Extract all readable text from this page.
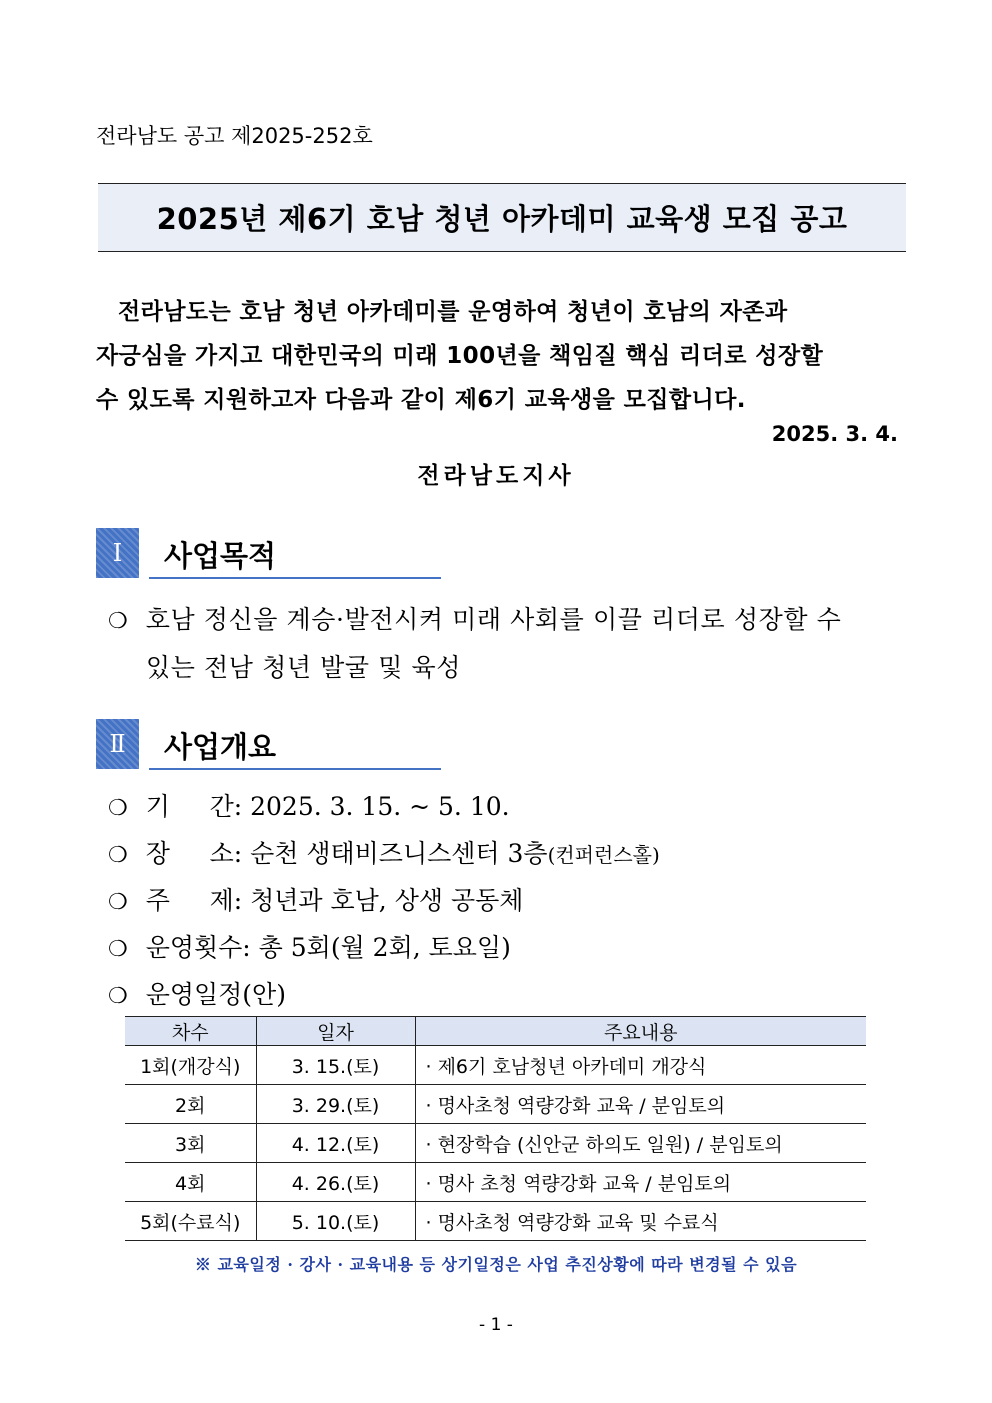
전라남도 공고 제2025-252호
2025년 제6기 호남 청년 아카데미 교육생 모집 공고

전라남도는 호남 청년 아카데미를 운영하여 청년이 호남의 자존과

자긍심을 가지고 대한민국의 미래 100년을 책임질 핵심 리더로 성장할

수 있도록 지원하고자 다음과 같이 제6기 교육생을 모집합니다.

2025. 3. 4.
전라남도지사
Ⅰ	사업목적
❍ 호남 정신을 계승·발전시켜 미래 사회를 이끌 리더로 성장할 수
있는 전남 청년 발굴 및 육성
Ⅱ	사업개요
❍ 기     간: 2025. 3. 15. ~ 5. 10.
❍ 장     소: 순천 생태비즈니스센터 3층(컨퍼런스홀)
❍ 주     제: 청년과 호남, 상생 공동체
❍ 운영횟수: 총 5회(월 2회, 토요일)
❍ 운영일정(안)
차수	일자	주요내용
1회(개강식)	3. 15.(토)	· 제6기 호남청년 아카데미 개강식
2회	3. 29.(토)	· 명사초청 역량강화 교육 / 분임토의
3회	4. 12.(토)	· 현장학습 (신안군 하의도 일원) / 분임토의
4회	4. 26.(토)	· 명사 초청 역량강화 교육 / 분임토의
5회(수료식)	5. 10.(토)	· 명사초청 역량강화 교육 및 수료식
※ 교육일정 · 강사 · 교육내용 등 상기일정은 사업 추진상황에 따라 변경될 수 있음
- 1 -
